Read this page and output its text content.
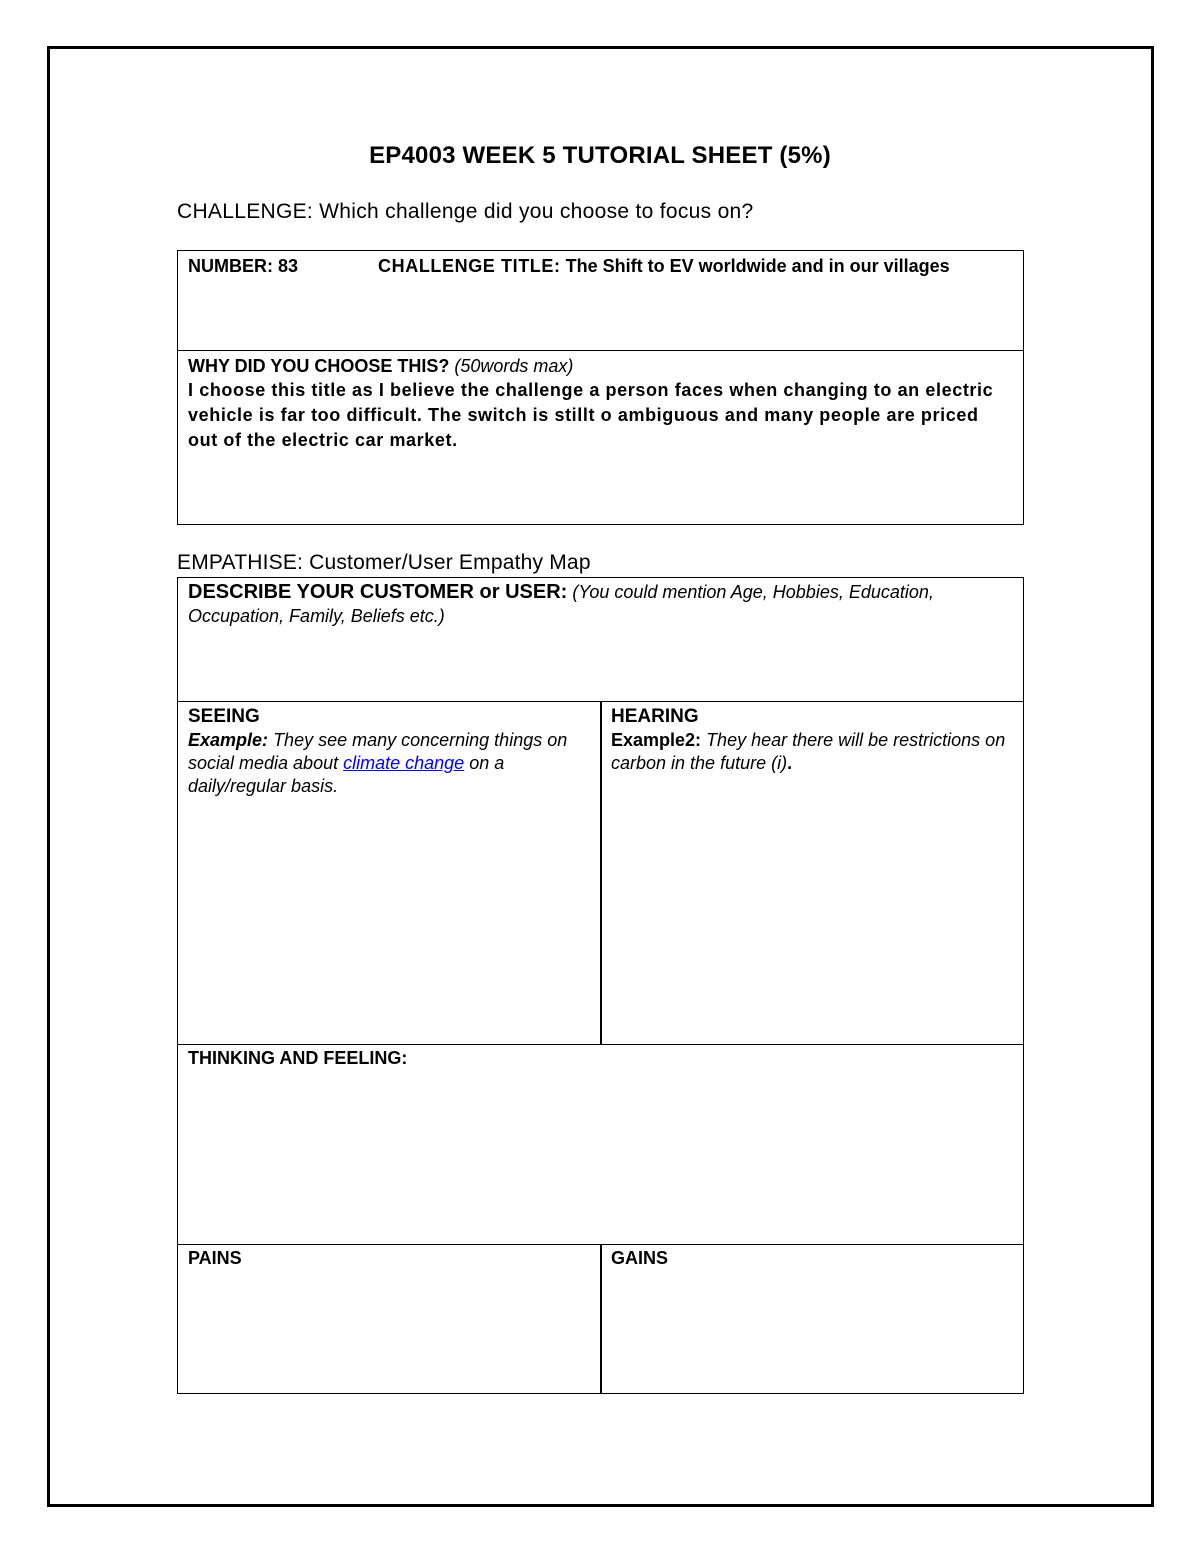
EP4003 WEEK 5 TUTORIAL SHEET (5%)
CHALLENGE: Which challenge did you choose to focus on?
NUMBER: 83	CHALLENGE TITLE: The Shift to EV worldwide and in our villages
WHY DID YOU CHOOSE THIS? (50words max)
I choose this title as I believe the challenge a person faces when changing to an electric vehicle is far too difficult. The switch is stillt o ambiguous and many people are priced out of the electric car market.
EMPATHISE: Customer/User Empathy Map
DESCRIBE YOUR CUSTOMER or USER: (You could mention Age, Hobbies, Education, Occupation, Family, Beliefs etc.)
SEEING
Example: They see many concerning things on social media about climate change on a daily/regular basis.
HEARING
Example2: They hear there will be restrictions on carbon in the future (i).
THINKING AND FEELING:
PAINS	GAINS
